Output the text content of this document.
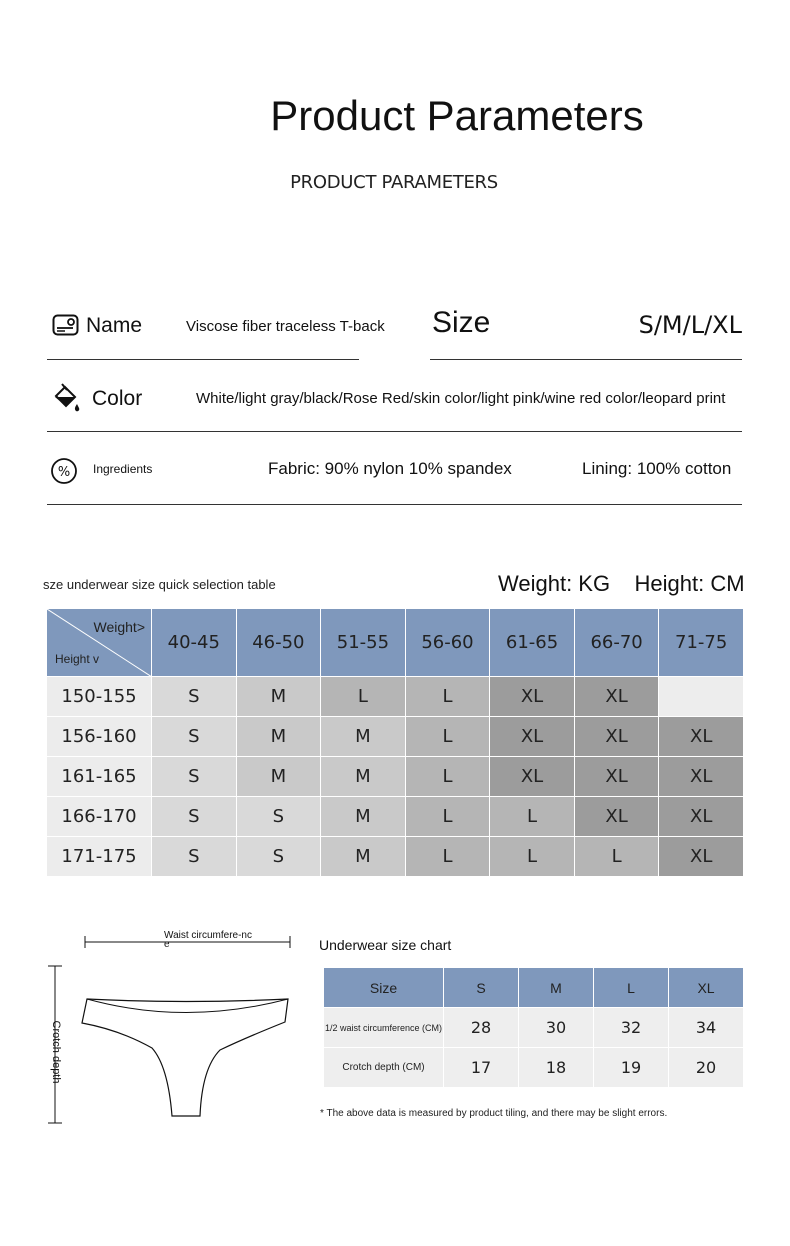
Product Parameters
PRODUCT PARAMETERS
Name	Viscose fiber traceless T-back Size	S/M/L/XL
Color	White/light gray/black/Rose Red/skin color/light pink/wine red color/leopard print
% Ingredients	Fabric: 90% nylon 10% spandex	Lining: 100% cotton
sze underwear size quick selection table	Weight: KG    Height: CM
Weight>
Height v	40-45	46-50	51-55	56-60	61-65	66-70	71-75
150-155	S	M	L	L	XL	XL	
156-160	S	M	M	L	XL	XL	XL
161-165	S	M	M	L	XL	XL	XL
166-170	S	S	M	L	L	XL	XL
171-175	S	S	M	L	L	L	XL
Waist circumfere-nce
Crotch depth
Underwear size chart
Size	S	M	L	XL
1/2 waist circumference (CM)	28	30	32	34
Crotch depth (CM)	17	18	19	20
* The above data is measured by product tiling, and there may be slight errors.
